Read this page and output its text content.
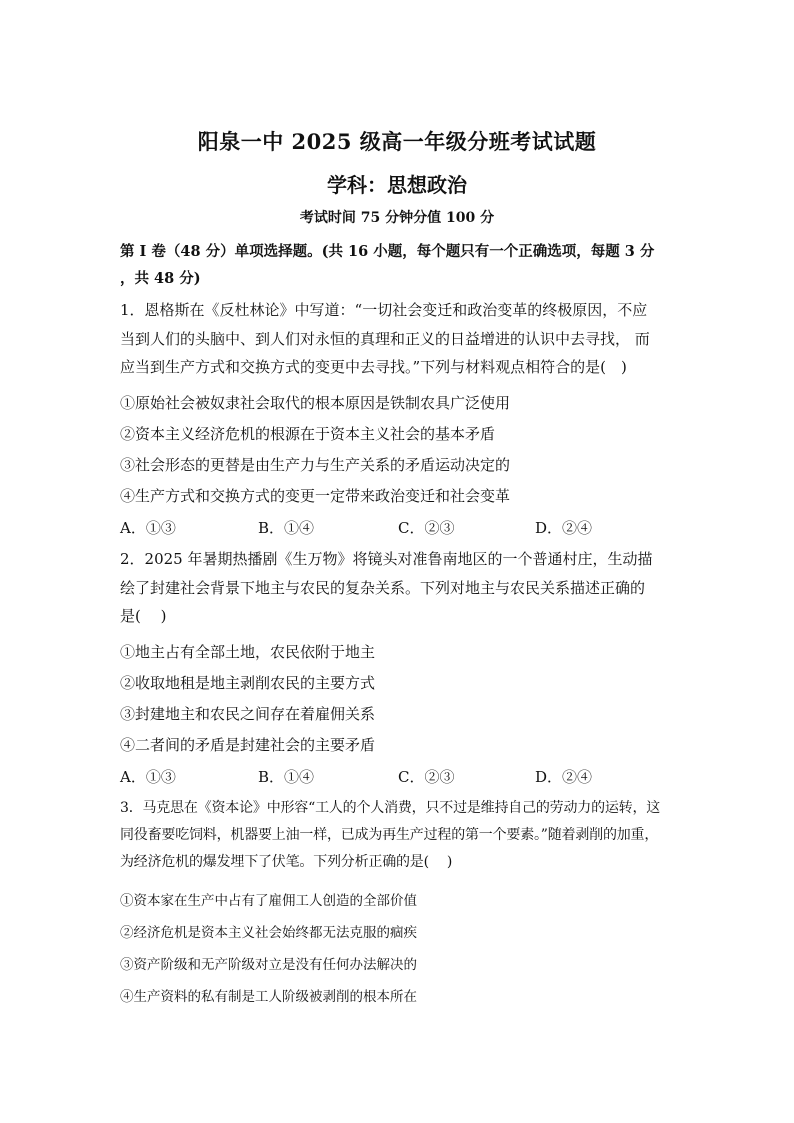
阳泉一中 2025 级高一年级分班考试试题
学科：思想政治
考试时间 75 分钟分值 100 分
第 I 卷（48 分）单项选择题。(共 16 小题，每个题只有一个正确选项，每题 3 分
，共 48 分)
1．恩格斯在《反杜林论》中写道：“一切社会变迁和政治变革的终极原因，不应
当到人们的头脑中、到人们对永恒的真理和正义的日益增进的认识中去寻找， 而
应当到生产方式和交换方式的变更中去寻找。”下列与材料观点相符合的是(　)
①原始社会被奴隶社会取代的根本原因是铁制农具广泛使用
②资本主义经济危机的根源在于资本主义社会的基本矛盾
③社会形态的更替是由生产力与生产关系的矛盾运动决定的
④生产方式和交换方式的变更一定带来政治变迁和社会变革
A．①③	B．①④	C．②③	D．②④
2．2025 年暑期热播剧《生万物》将镜头对准鲁南地区的一个普通村庄，生动描
绘了封建社会背景下地主与农民的复杂关系。下列对地主与农民关系描述正确的
是(　 )
①地主占有全部土地，农民依附于地主
②收取地租是地主剥削农民的主要方式
③封建地主和农民之间存在着雇佣关系
④二者间的矛盾是封建社会的主要矛盾
A．①③	B．①④	C．②③	D．②④
3．马克思在《资本论》中形容“工人的个人消费，只不过是维持自己的劳动力的运转，这
同役畜要吃饲料，机器要上油一样，已成为再生产过程的第一个要素。”随着剥削的加重，
为经济危机的爆发埋下了伏笔。下列分析正确的是(　 )
①资本家在生产中占有了雇佣工人创造的全部价值
②经济危机是资本主义社会始终都无法克服的痼疾
③资产阶级和无产阶级对立是没有任何办法解决的
④生产资料的私有制是工人阶级被剥削的根本所在
